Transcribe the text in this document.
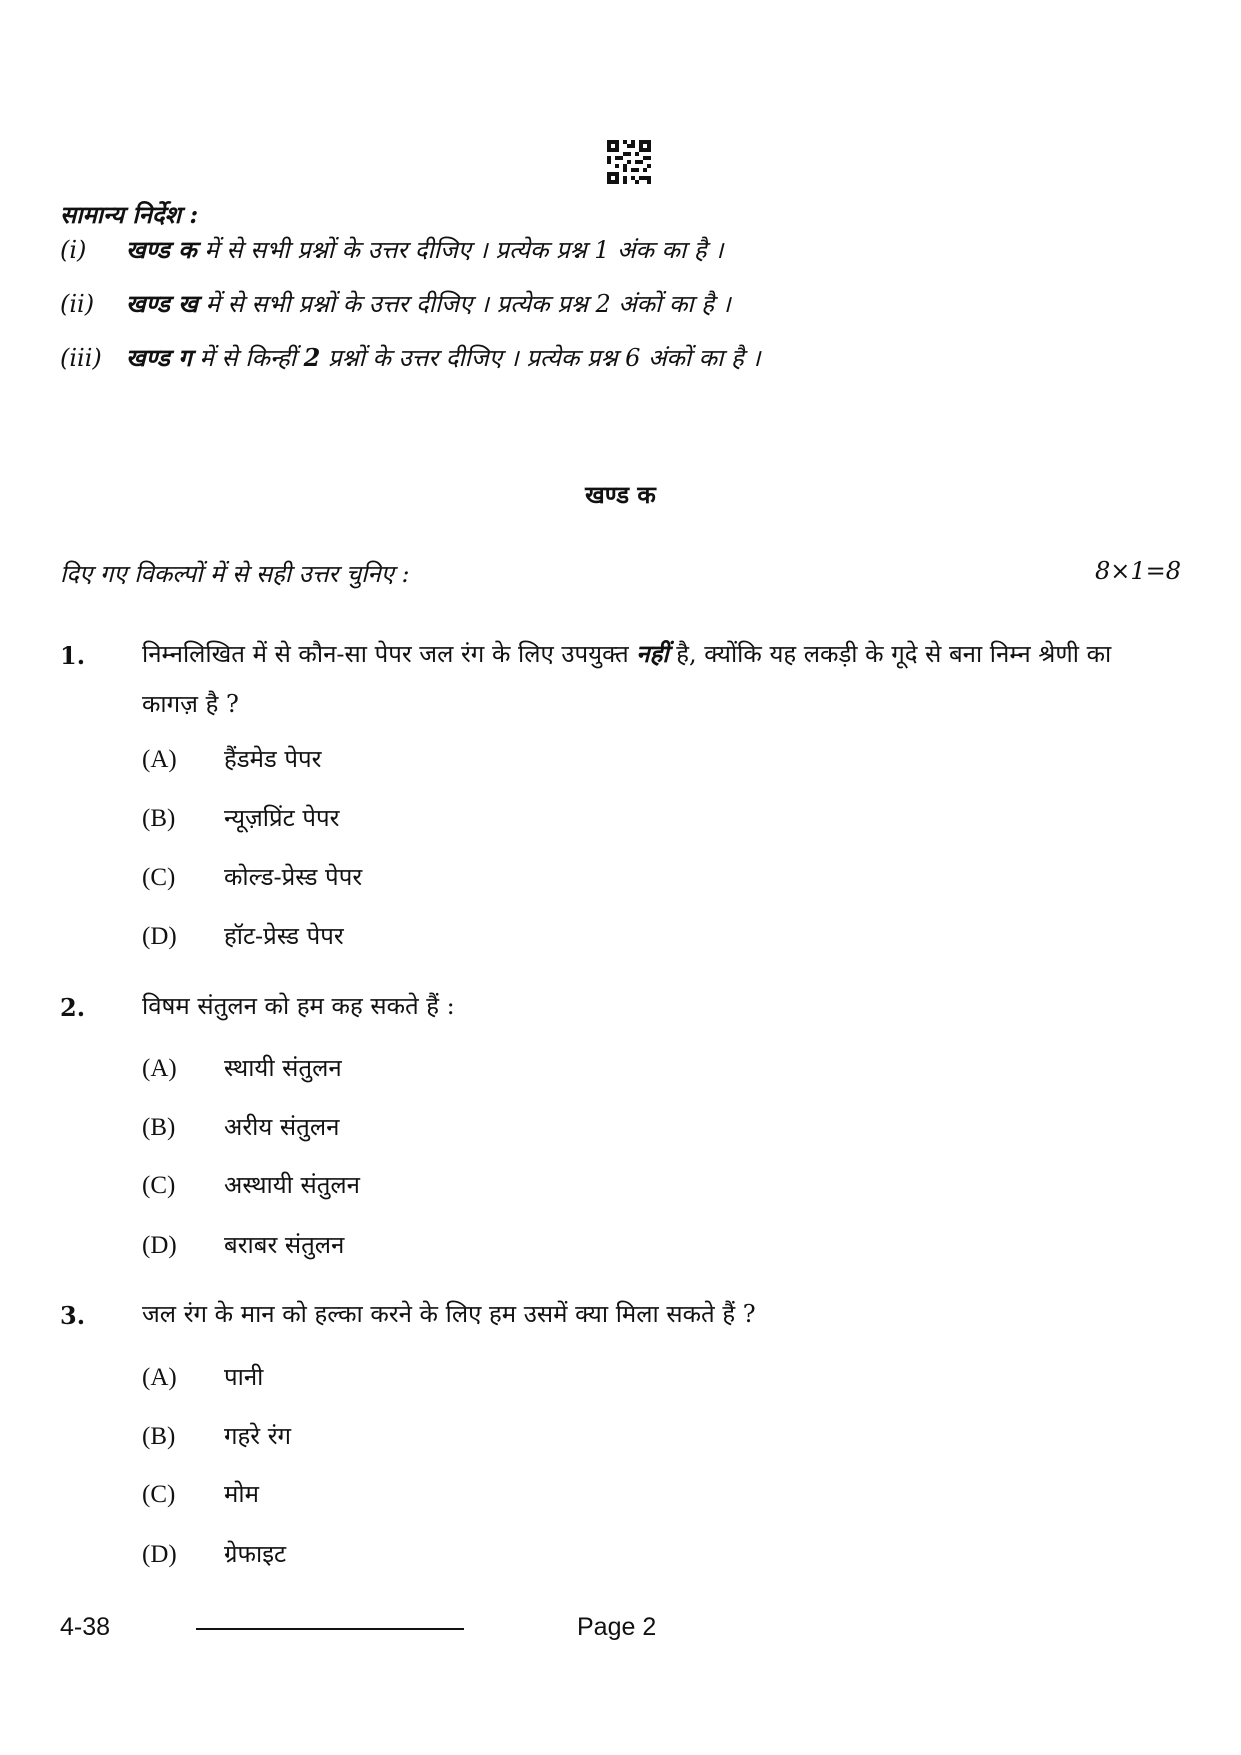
सामान्य निर्देश :
(i) खण्ड क में से सभी प्रश्नों के उत्तर दीजिए । प्रत्येक प्रश्न 1 अंक का है ।
(ii) खण्ड ख में से सभी प्रश्नों के उत्तर दीजिए । प्रत्येक प्रश्न 2 अंकों का है ।
(iii) खण्ड ग में से किन्हीं 2 प्रश्नों के उत्तर दीजिए । प्रत्येक प्रश्न 6 अंकों का है ।
खण्ड क
दिए गए विकल्पों में से सही उत्तर चुनिए :	8×1=8
1. निम्नलिखित में से कौन-सा पेपर जल रंग के लिए उपयुक्त नहीं है, क्योंकि यह लकड़ी के गूदे से बना निम्न श्रेणी का कागज़ है ?
(A) हैंडमेड पेपर
(B) न्यूज़प्रिंट पेपर
(C) कोल्ड-प्रेस्ड पेपर
(D) हॉट-प्रेस्ड पेपर
2. विषम संतुलन को हम कह सकते हैं :
(A) स्थायी संतुलन
(B) अरीय संतुलन
(C) अस्थायी संतुलन
(D) बराबर संतुलन
3. जल रंग के मान को हल्का करने के लिए हम उसमें क्या मिला सकते हैं ?
(A) पानी
(B) गहरे रंग
(C) मोम
(D) ग्रेफाइट
4-38	Page 2
